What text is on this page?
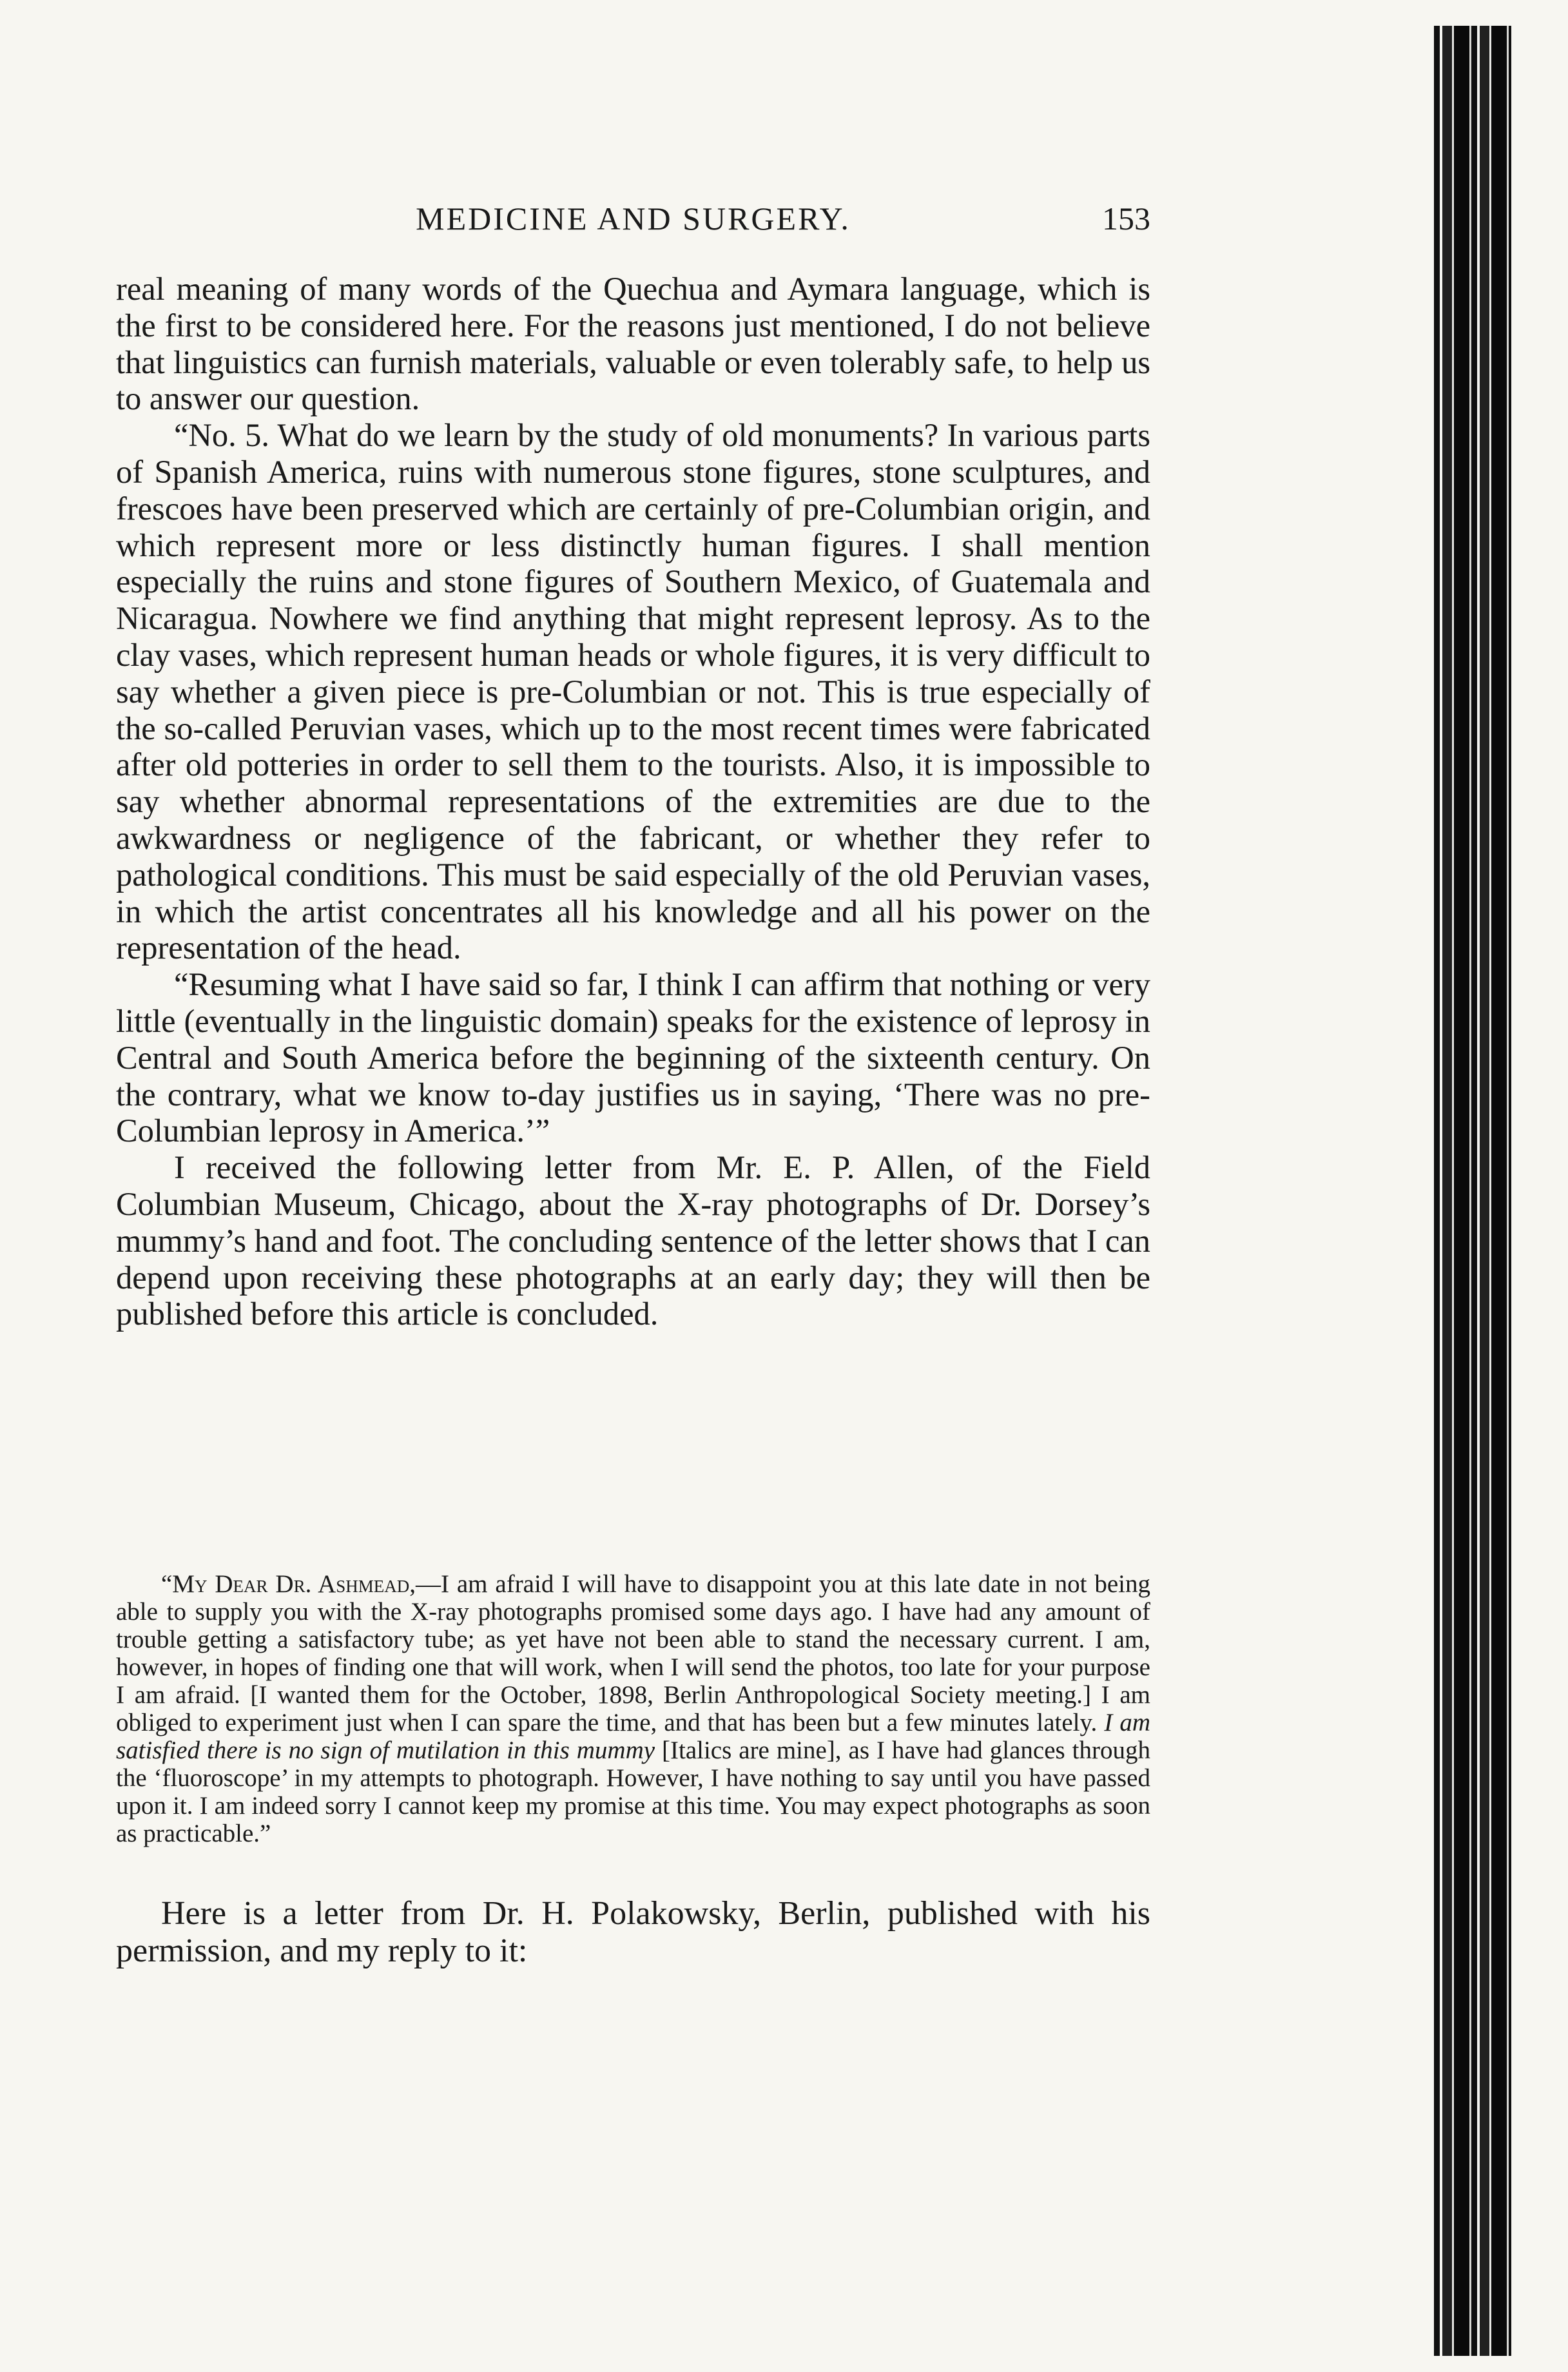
MEDICINE AND SURGERY.	153

real meaning of many words of the Quechua and Aymara language, which is the first to be considered here. For the reasons just mentioned, I do not believe that linguistics can furnish materials, valuable or even tolerably safe, to help us to answer our question.

“No. 5. What do we learn by the study of old monuments? In various parts of Spanish America, ruins with numerous stone figures, stone sculptures, and frescoes have been preserved which are certainly of pre-Columbian origin, and which represent more or less distinctly human figures. I shall mention especially the ruins and stone figures of Southern Mexico, of Guatemala and Nicaragua. Nowhere we find anything that might represent leprosy. As to the clay vases, which represent human heads or whole figures, it is very difficult to say whether a given piece is pre-Columbian or not. This is true especially of the so-called Peruvian vases, which up to the most recent times were fabricated after old potteries in order to sell them to the tourists. Also, it is impossible to say whether abnormal representations of the extremities are due to the awkwardness or negligence of the fabricant, or whether they refer to pathological conditions. This must be said especially of the old Peruvian vases, in which the artist concentrates all his knowledge and all his power on the representation of the head.

“Resuming what I have said so far, I think I can affirm that nothing or very little (eventually in the linguistic domain) speaks for the existence of leprosy in Central and South America before the beginning of the sixteenth century. On the contrary, what we know to-day justifies us in saying, ‘There was no pre-Columbian leprosy in America.’”

I received the following letter from Mr. E. P. Allen, of the Field Columbian Museum, Chicago, about the X-ray photographs of Dr. Dorsey’s mummy’s hand and foot. The concluding sentence of the letter shows that I can depend upon receiving these photographs at an early day; they will then be published before this article is concluded.

“My Dear Dr. Ashmead,—I am afraid I will have to disappoint you at this late date in not being able to supply you with the X-ray photographs promised some days ago. I have had any amount of trouble getting a satisfactory tube; as yet have not been able to stand the necessary current. I am, however, in hopes of finding one that will work, when I will send the photos, too late for your purpose I am afraid. [I wanted them for the October, 1898, Berlin Anthropological Society meeting.] I am obliged to experiment just when I can spare the time, and that has been but a few minutes lately. I am satisfied there is no sign of mutilation in this mummy [Italics are mine], as I have had glances through the ‘fluoroscope’ in my attempts to photograph. However, I have nothing to say until you have passed upon it. I am indeed sorry I cannot keep my promise at this time. You may expect photographs as soon as practicable.”

Here is a letter from Dr. H. Polakowsky, Berlin, published with his permission, and my reply to it:
